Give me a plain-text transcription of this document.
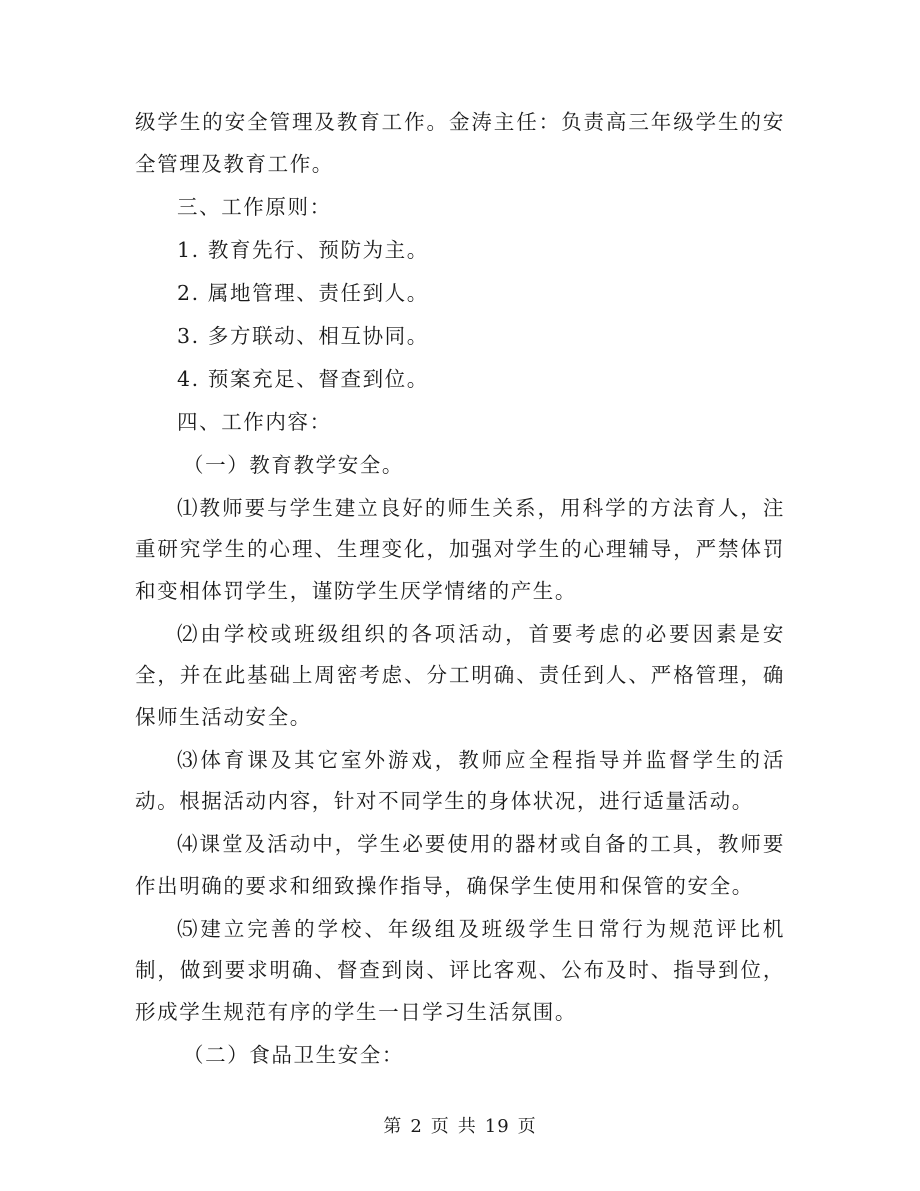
级学生的安全管理及教育工作。金涛主任：负责高三年级学生的安全管理及教育工作。

三、工作原则：

1. 教育先行、预防为主。

2. 属地管理、责任到人。

3. 多方联动、相互协同。

4. 预案充足、督查到位。

四、工作内容：

（一）教育教学安全。

⑴教师要与学生建立良好的师生关系，用科学的方法育人，注重研究学生的心理、生理变化，加强对学生的心理辅导，严禁体罚和变相体罚学生，谨防学生厌学情绪的产生。

⑵由学校或班级组织的各项活动，首要考虑的必要因素是安全，并在此基础上周密考虑、分工明确、责任到人、严格管理，确保师生活动安全。

⑶体育课及其它室外游戏，教师应全程指导并监督学生的活动。根据活动内容，针对不同学生的身体状况，进行适量活动。

⑷课堂及活动中，学生必要使用的器材或自备的工具，教师要作出明确的要求和细致操作指导，确保学生使用和保管的安全。

⑸建立完善的学校、年级组及班级学生日常行为规范评比机制，做到要求明确、督查到岗、评比客观、公布及时、指导到位，形成学生规范有序的学生一日学习生活氛围。

（二）食品卫生安全：

第 2 页 共 19 页
